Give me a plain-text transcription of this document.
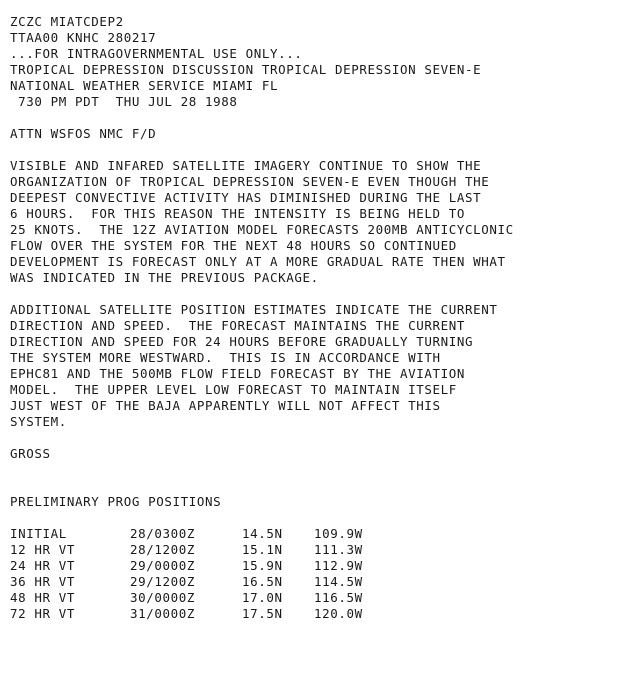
ZCZC MIATCDEP2
TTAA00 KNHC 280217
...FOR INTRAGOVERNMENTAL USE ONLY...
TROPICAL DEPRESSION DISCUSSION TROPICAL DEPRESSION SEVEN-E
NATIONAL WEATHER SERVICE MIAMI FL
730 PM PDT  THU JUL 28 1988
ATTN WSFOS NMC F/D
VISIBLE AND INFARED SATELLITE IMAGERY CONTINUE TO SHOW THE
ORGANIZATION OF TROPICAL DEPRESSION SEVEN-E EVEN THOUGH THE
DEEPEST CONVECTIVE ACTIVITY HAS DIMINISHED DURING THE LAST
6 HOURS.  FOR THIS REASON THE INTENSITY IS BEING HELD TO
25 KNOTS.  THE 12Z AVIATION MODEL FORECASTS 200MB ANTICYCLONIC
FLOW OVER THE SYSTEM FOR THE NEXT 48 HOURS SO CONTINUED
DEVELOPMENT IS FORECAST ONLY AT A MORE GRADUAL RATE THEN WHAT
WAS INDICATED IN THE PREVIOUS PACKAGE.
ADDITIONAL SATELLITE POSITION ESTIMATES INDICATE THE CURRENT
DIRECTION AND SPEED.  THE FORECAST MAINTAINS THE CURRENT
DIRECTION AND SPEED FOR 24 HOURS BEFORE GRADUALLY TURNING
THE SYSTEM MORE WESTWARD.  THIS IS IN ACCORDANCE WITH
EPHC81 AND THE 500MB FLOW FIELD FORECAST BY THE AVIATION
MODEL.  THE UPPER LEVEL LOW FORECAST TO MAINTAIN ITSELF
JUST WEST OF THE BAJA APPARENTLY WILL NOT AFFECT THIS
SYSTEM.
GROSS
PRELIMINARY PROG POSITIONS
INITIAL	28/0300Z	14.5N	109.9W
12 HR VT	28/1200Z	15.1N	111.3W
24 HR VT	29/0000Z	15.9N	112.9W
36 HR VT	29/1200Z	16.5N	114.5W
48 HR VT	30/0000Z	17.0N	116.5W
72 HR VT	31/0000Z	17.5N	120.0W
